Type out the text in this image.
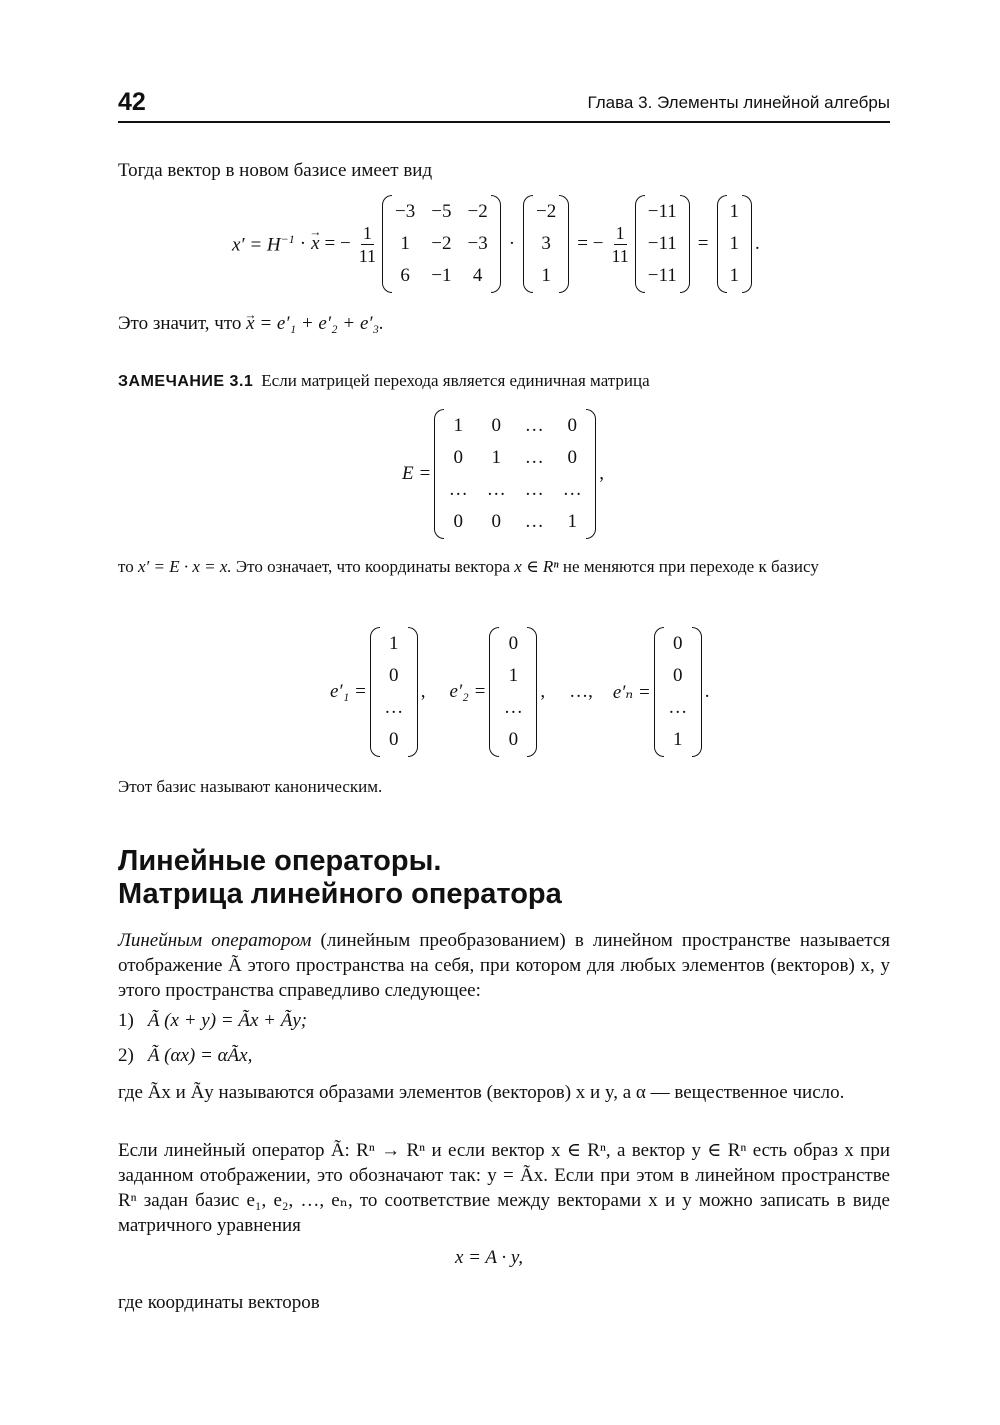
42	Глава 3. Элементы линейной алгебры
Тогда вектор в новом базисе имеет вид
$x' = H^{-1} \cdot x$ → = − $\frac{1}{11}$
−3 −5 −2
1 −2 −3
6 −1 4
·
−2
3
1
= − $\frac{1}{11}$
−11
−11
−11
=
1
1
1
.
Это значит, что x → = e′₁ + e′₂ + e′₃.
ЗАМЕЧАНИЕ 3.1 Если матрицей перехода является единичная матрица
E =
1	0	…	0
0	1	…	0
… … … …
0	0	…	1
,
то x′ = E · x = x. Это означает, что координаты вектора x ∈ Rⁿ не меняются при переходе к базису
e′₁ =
1
0
…
0
, e′₂ =
0
1
…
0
, …, e′ₙ =
0
0
…
1
.
Этот базис называют каноническим.
Линейные операторы.
Матрица линейного оператора
Линейным оператором (линейным преобразованием) в линейном пространстве называется отображение Ã этого пространства на себя, при котором для любых элементов (векторов) x, y этого пространства справедливо следующее:
1) Ã (x + y) = Ãx + Ãy;
2) Ã (αx) = αÃx,
где Ãx и Ãy называются образами элементов (векторов) x и y, а α — вещественное число.
Если линейный оператор Ã: Rⁿ → Rⁿ и если вектор x ∈ Rⁿ, а вектор y ∈ Rⁿ есть образ x при заданном отображении, это обозначают так: y = Ãx. Если при этом в линейном пространстве Rⁿ задан базис e₁, e₂, …, eₙ, то соответствие между векторами x и y можно записать в виде матричного уравнения
x = A · y,
где координаты векторов
